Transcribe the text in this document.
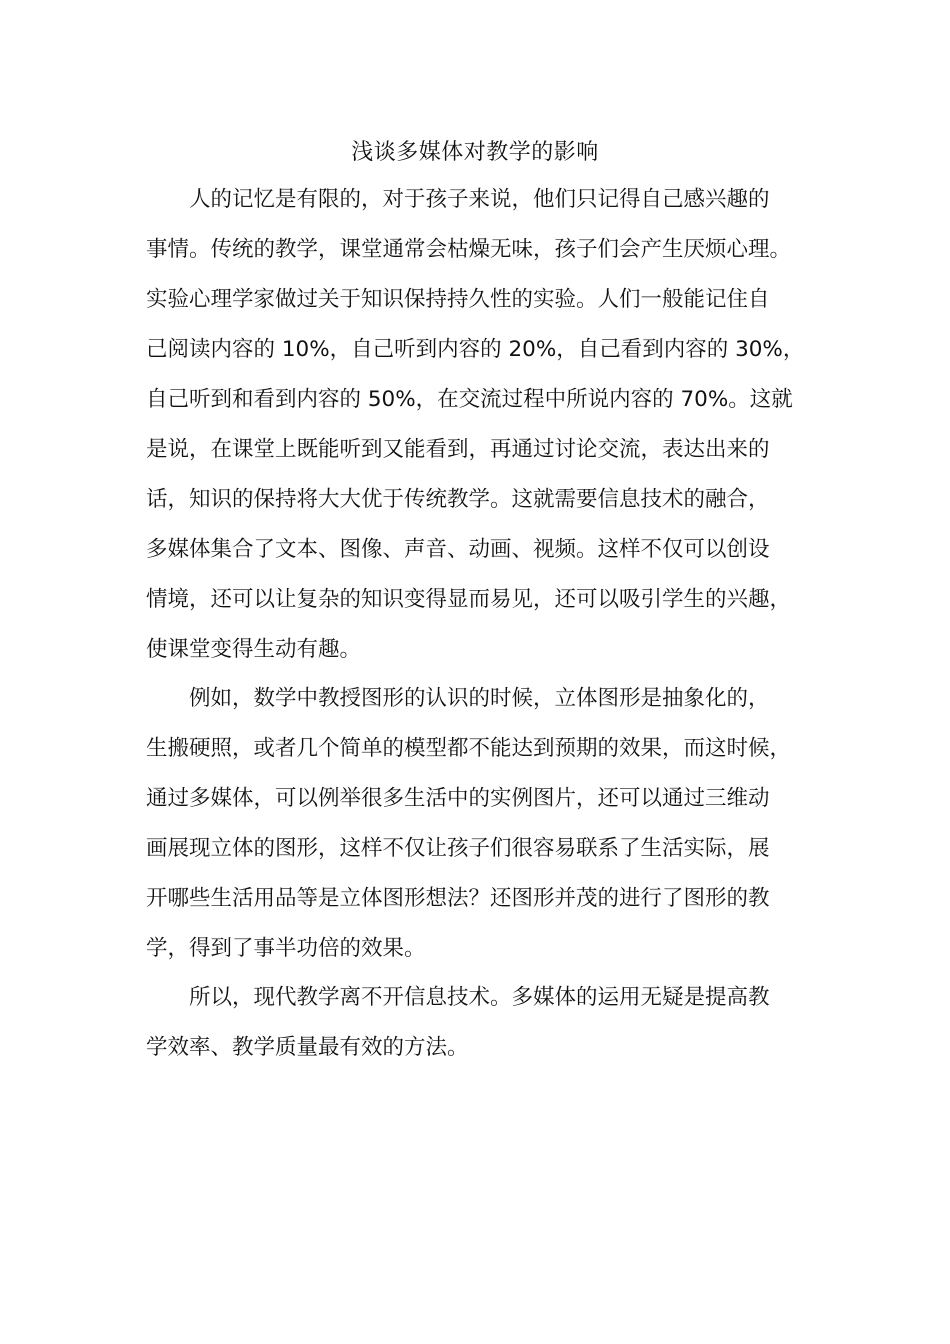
浅谈多媒体对教学的影响
人的记忆是有限的，对于孩子来说，他们只记得自己感兴趣的
事情。传统的教学，课堂通常会枯燥无味，孩子们会产生厌烦心理。
实验心理学家做过关于知识保持持久性的实验。人们一般能记住自
己阅读内容的 10%，自己听到内容的 20%，自己看到内容的 30%，
自己听到和看到内容的 50%，在交流过程中所说内容的 70%。这就
是说，在课堂上既能听到又能看到，再通过讨论交流，表达出来的
话，知识的保持将大大优于传统教学。这就需要信息技术的融合，
多媒体集合了文本、图像、声音、动画、视频。这样不仅可以创设
情境，还可以让复杂的知识变得显而易见，还可以吸引学生的兴趣，
使课堂变得生动有趣。
例如，数学中教授图形的认识的时候，立体图形是抽象化的，
生搬硬照，或者几个简单的模型都不能达到预期的效果，而这时候，
通过多媒体，可以例举很多生活中的实例图片，还可以通过三维动
画展现立体的图形，这样不仅让孩子们很容易联系了生活实际，展
开哪些生活用品等是立体图形想法？还图形并茂的进行了图形的教
学，得到了事半功倍的效果。
所以，现代教学离不开信息技术。多媒体的运用无疑是提高教
学效率、教学质量最有效的方法。
